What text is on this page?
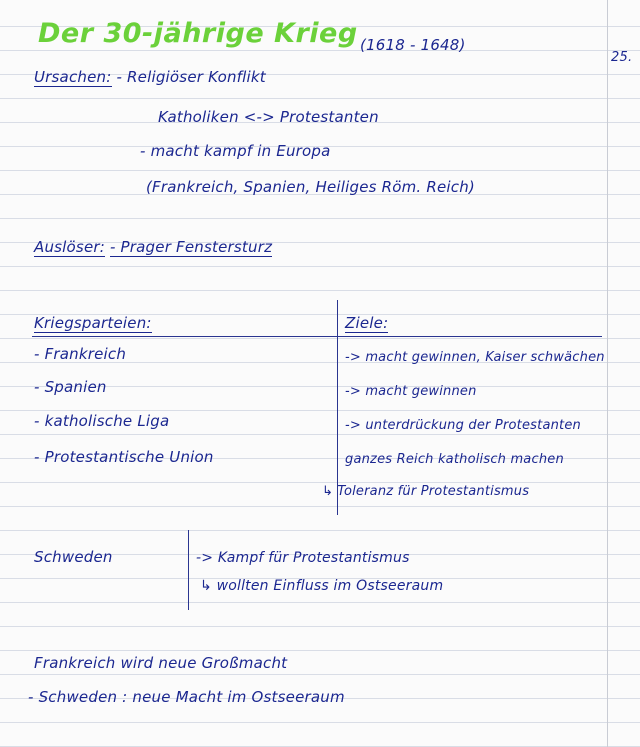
Der 30-jährige Krieg (1618 - 1648)
25.
Ursachen: - Religiöser Konflikt
Katholiken <-> Protestanten
- macht kampf in Europa
(Frankreich, Spanien, Heiliges Röm. Reich)
Auslöser: - Prager Fenstersturz
Kriegsparteien:	Ziele:
- Frankreich
- Spanien
- katholische Liga
- Protestantische Union
-> macht gewinnen, Kaiser schwächen
-> macht gewinnen
-> unterdrückung der Protestanten
ganzes Reich katholisch machen
↳ Toleranz für Protestantismus
Schweden	-> Kampf für Protestantismus
↳ wollten Einfluss im Ostseeraum
Frankreich wird neue Großmacht
- Schweden : neue Macht im Ostseeraum
